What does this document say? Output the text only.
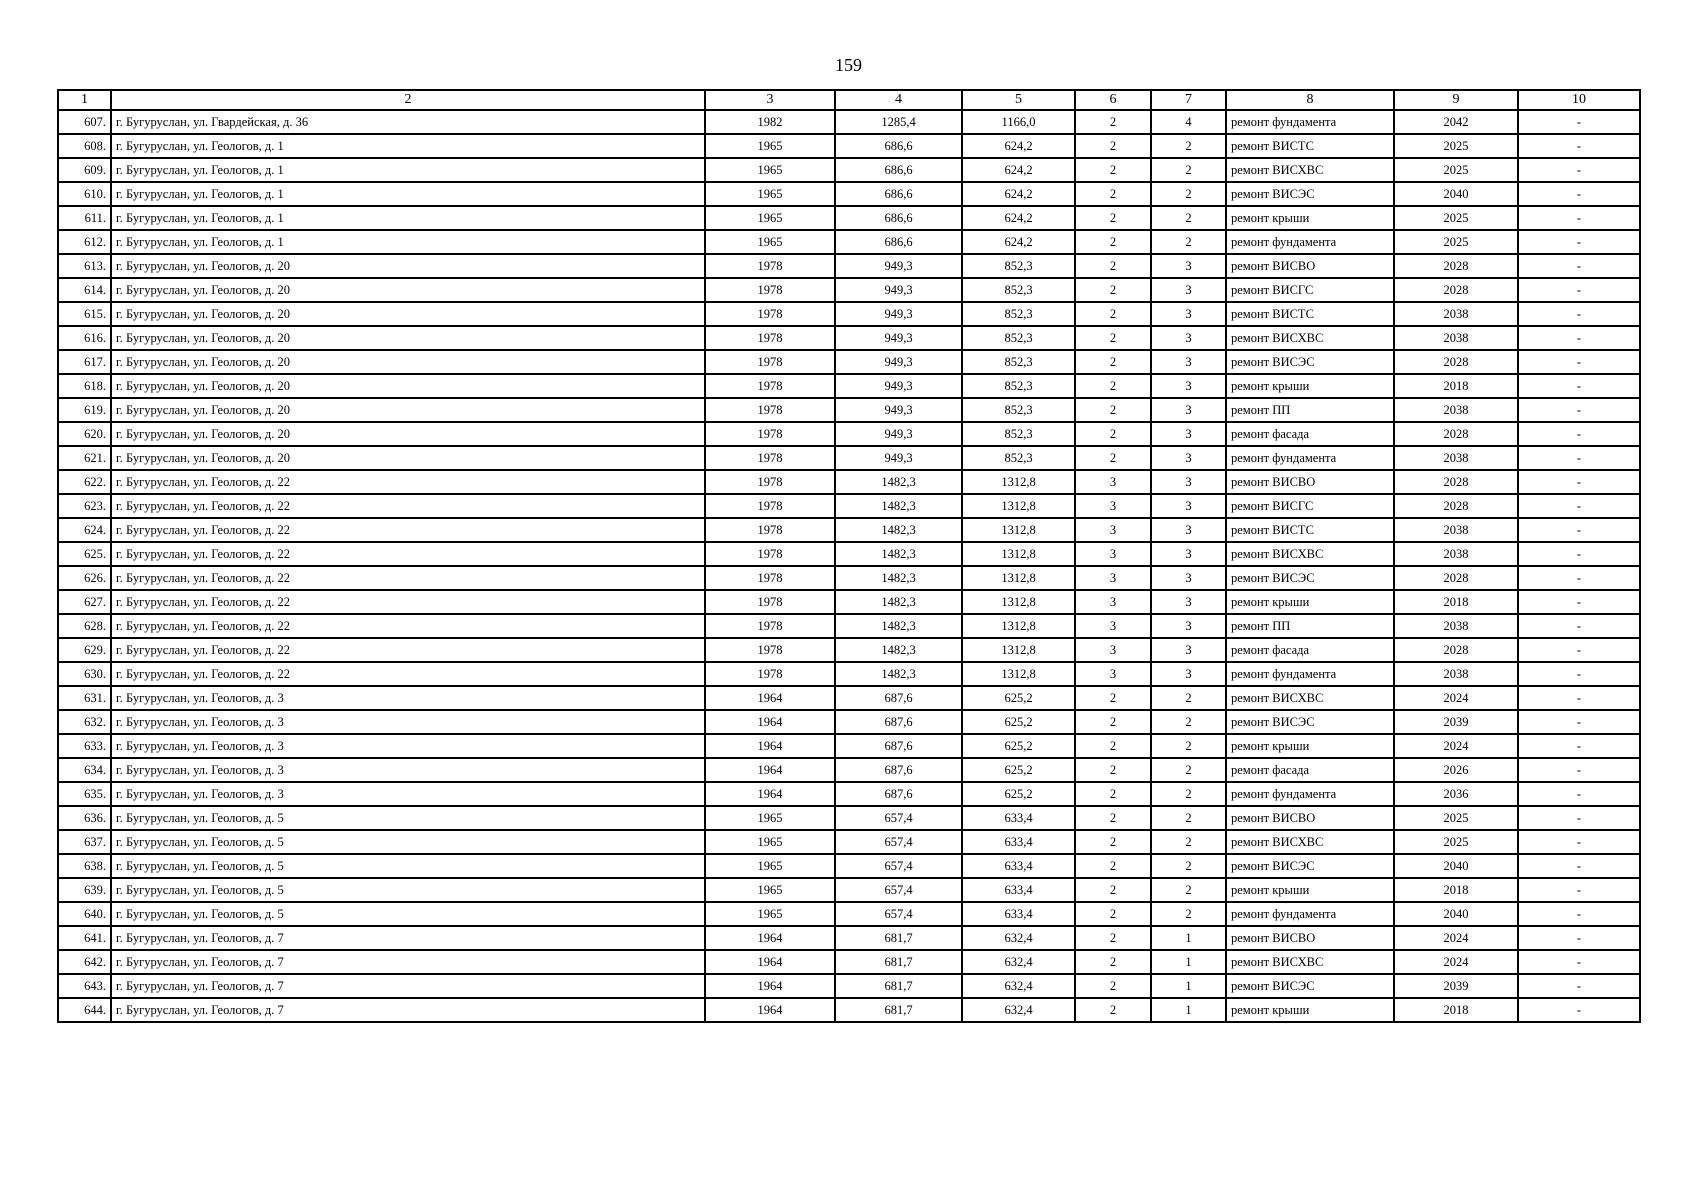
159
1	2	3	4	5	6	7	8	9	10
607.	г. Бугуруслан, ул. Гвардейская, д. 36	1982	1285,4	1166,0	2	4	ремонт фундамента	2042	-
608.	г. Бугуруслан, ул. Геологов, д. 1	1965	686,6	624,2	2	2	ремонт ВИСТС	2025	-
609.	г. Бугуруслан, ул. Геологов, д. 1	1965	686,6	624,2	2	2	ремонт ВИСХВС	2025	-
610.	г. Бугуруслан, ул. Геологов, д. 1	1965	686,6	624,2	2	2	ремонт ВИСЭС	2040	-
611.	г. Бугуруслан, ул. Геологов, д. 1	1965	686,6	624,2	2	2	ремонт крыши	2025	-
612.	г. Бугуруслан, ул. Геологов, д. 1	1965	686,6	624,2	2	2	ремонт фундамента	2025	-
613.	г. Бугуруслан, ул. Геологов, д. 20	1978	949,3	852,3	2	3	ремонт ВИСВО	2028	-
614.	г. Бугуруслан, ул. Геологов, д. 20	1978	949,3	852,3	2	3	ремонт ВИСГС	2028	-
615.	г. Бугуруслан, ул. Геологов, д. 20	1978	949,3	852,3	2	3	ремонт ВИСТС	2038	-
616.	г. Бугуруслан, ул. Геологов, д. 20	1978	949,3	852,3	2	3	ремонт ВИСХВС	2038	-
617.	г. Бугуруслан, ул. Геологов, д. 20	1978	949,3	852,3	2	3	ремонт ВИСЭС	2028	-
618.	г. Бугуруслан, ул. Геологов, д. 20	1978	949,3	852,3	2	3	ремонт крыши	2018	-
619.	г. Бугуруслан, ул. Геологов, д. 20	1978	949,3	852,3	2	3	ремонт ПП	2038	-
620.	г. Бугуруслан, ул. Геологов, д. 20	1978	949,3	852,3	2	3	ремонт фасада	2028	-
621.	г. Бугуруслан, ул. Геологов, д. 20	1978	949,3	852,3	2	3	ремонт фундамента	2038	-
622.	г. Бугуруслан, ул. Геологов, д. 22	1978	1482,3	1312,8	3	3	ремонт ВИСВО	2028	-
623.	г. Бугуруслан, ул. Геологов, д. 22	1978	1482,3	1312,8	3	3	ремонт ВИСГС	2028	-
624.	г. Бугуруслан, ул. Геологов, д. 22	1978	1482,3	1312,8	3	3	ремонт ВИСТС	2038	-
625.	г. Бугуруслан, ул. Геологов, д. 22	1978	1482,3	1312,8	3	3	ремонт ВИСХВС	2038	-
626.	г. Бугуруслан, ул. Геологов, д. 22	1978	1482,3	1312,8	3	3	ремонт ВИСЭС	2028	-
627.	г. Бугуруслан, ул. Геологов, д. 22	1978	1482,3	1312,8	3	3	ремонт крыши	2018	-
628.	г. Бугуруслан, ул. Геологов, д. 22	1978	1482,3	1312,8	3	3	ремонт ПП	2038	-
629.	г. Бугуруслан, ул. Геологов, д. 22	1978	1482,3	1312,8	3	3	ремонт фасада	2028	-
630.	г. Бугуруслан, ул. Геологов, д. 22	1978	1482,3	1312,8	3	3	ремонт фундамента	2038	-
631.	г. Бугуруслан, ул. Геологов, д. 3	1964	687,6	625,2	2	2	ремонт ВИСХВС	2024	-
632.	г. Бугуруслан, ул. Геологов, д. 3	1964	687,6	625,2	2	2	ремонт ВИСЭС	2039	-
633.	г. Бугуруслан, ул. Геологов, д. 3	1964	687,6	625,2	2	2	ремонт крыши	2024	-
634.	г. Бугуруслан, ул. Геологов, д. 3	1964	687,6	625,2	2	2	ремонт фасада	2026	-
635.	г. Бугуруслан, ул. Геологов, д. 3	1964	687,6	625,2	2	2	ремонт фундамента	2036	-
636.	г. Бугуруслан, ул. Геологов, д. 5	1965	657,4	633,4	2	2	ремонт ВИСВО	2025	-
637.	г. Бугуруслан, ул. Геологов, д. 5	1965	657,4	633,4	2	2	ремонт ВИСХВС	2025	-
638.	г. Бугуруслан, ул. Геологов, д. 5	1965	657,4	633,4	2	2	ремонт ВИСЭС	2040	-
639.	г. Бугуруслан, ул. Геологов, д. 5	1965	657,4	633,4	2	2	ремонт крыши	2018	-
640.	г. Бугуруслан, ул. Геологов, д. 5	1965	657,4	633,4	2	2	ремонт фундамента	2040	-
641.	г. Бугуруслан, ул. Геологов, д. 7	1964	681,7	632,4	2	1	ремонт ВИСВО	2024	-
642.	г. Бугуруслан, ул. Геологов, д. 7	1964	681,7	632,4	2	1	ремонт ВИСХВС	2024	-
643.	г. Бугуруслан, ул. Геологов, д. 7	1964	681,7	632,4	2	1	ремонт ВИСЭС	2039	-
644.	г. Бугуруслан, ул. Геологов, д. 7	1964	681,7	632,4	2	1	ремонт крыши	2018	-
